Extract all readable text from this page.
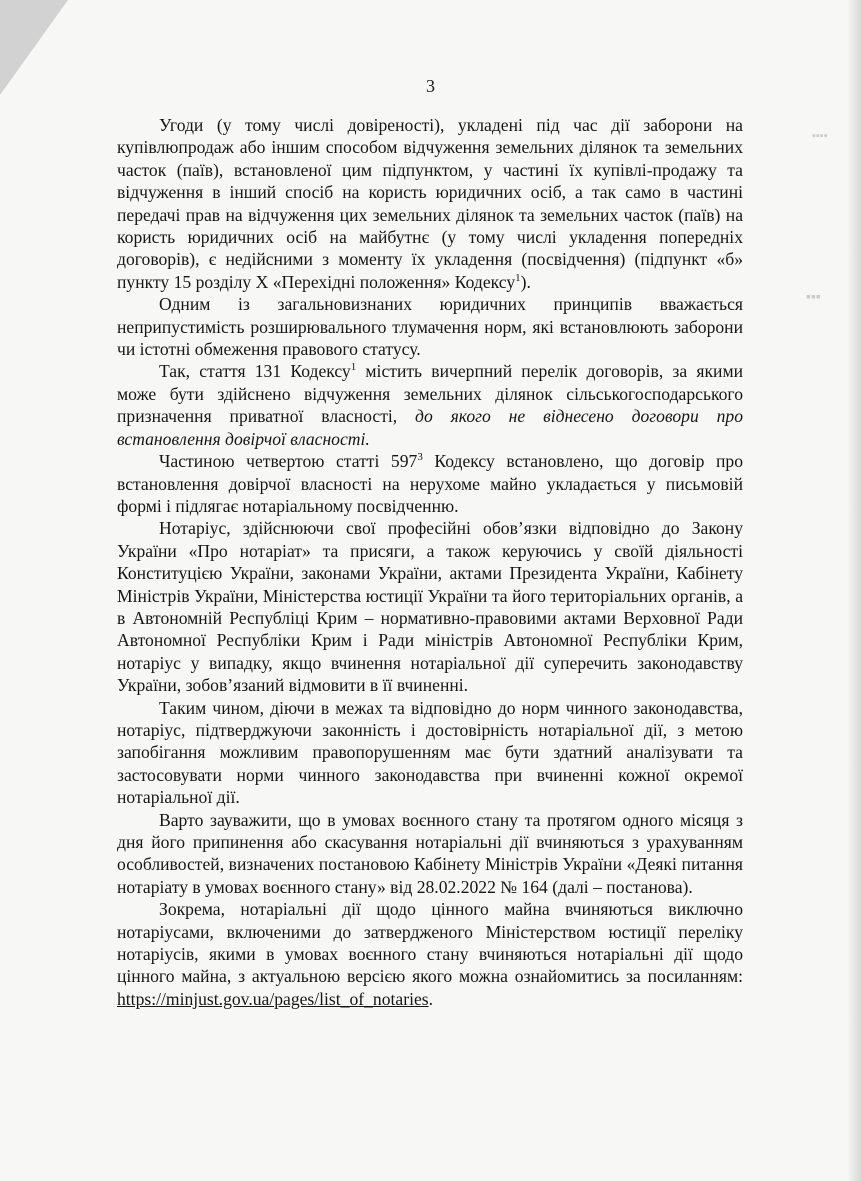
▪▪▪▪
▪▪▪
3

Угоди (у тому числі довіреності), укладені під час дії заборони на купівлюпродаж або іншим способом відчуження земельних ділянок та земельних часток (паїв), встановленої цим підпунктом, у частині їх купівлі-продажу та відчуження в інший спосіб на користь юридичних осіб, а так само в частині передачі прав на відчуження цих земельних ділянок та земельних часток (паїв) на користь юридичних осіб на майбутнє (у тому числі укладення попередніх договорів), є недійсними з моменту їх укладення (посвідчення) (підпункт «б» пункту 15 розділу X «Перехідні положення» Кодексу$^1$).

Одним із загальновизнаних юридичних принципів вважається неприпустимість розширювального тлумачення норм, які встановлюють заборони чи істотні обмеження правового статусу.

Так, стаття 131 Кодексу$^1$ містить вичерпний перелік договорів, за якими може бути здійснено відчуження земельних ділянок сільськогосподарського призначення приватної власності, до якого не віднесено договори про встановлення довірчої власності.

Частиною четвертою статті $597^3$ Кодексу встановлено, що договір про встановлення довірчої власності на нерухоме майно укладається у письмовій формі і підлягає нотаріальному посвідченню.

Нотаріус, здійснюючи свої професійні обов’язки відповідно до Закону України «Про нотаріат» та присяги, а також керуючись у своїй діяльності Конституцією України, законами України, актами Президента України, Кабінету Міністрів України, Міністерства юстиції України та його територіальних органів, а в Автономній Республіці Крим – нормативно-правовими актами Верховної Ради Автономної Республіки Крим і Ради міністрів Автономної Республіки Крим, нотаріус у випадку, якщо вчинення нотаріальної дії суперечить законодавству України, зобов’язаний відмовити в її вчиненні.

Таким чином, діючи в межах та відповідно до норм чинного законодавства, нотаріус, підтверджуючи законність і достовірність нотаріальної дії, з метою запобігання можливим правопорушенням має бути здатний аналізувати та застосовувати норми чинного законодавства при вчиненні кожної окремої нотаріальної дії.

Варто зауважити, що в умовах воєнного стану та протягом одного місяця з дня його припинення або скасування нотаріальні дії вчиняються з урахуванням особливостей, визначених постановою Кабінету Міністрів України «Деякі питання нотаріату в умовах воєнного стану» від 28.02.2022 № 164 (далі – постанова).

Зокрема, нотаріальні дії щодо цінного майна вчиняються виключно нотаріусами, включеними до затвердженого Міністерством юстиції переліку нотаріусів, якими в умовах воєнного стану вчиняються нотаріальні дії щодо цінного майна, з актуальною версією якого можна ознайомитись за посиланням: https://minjust.gov.ua/pages/list_of_notaries.
